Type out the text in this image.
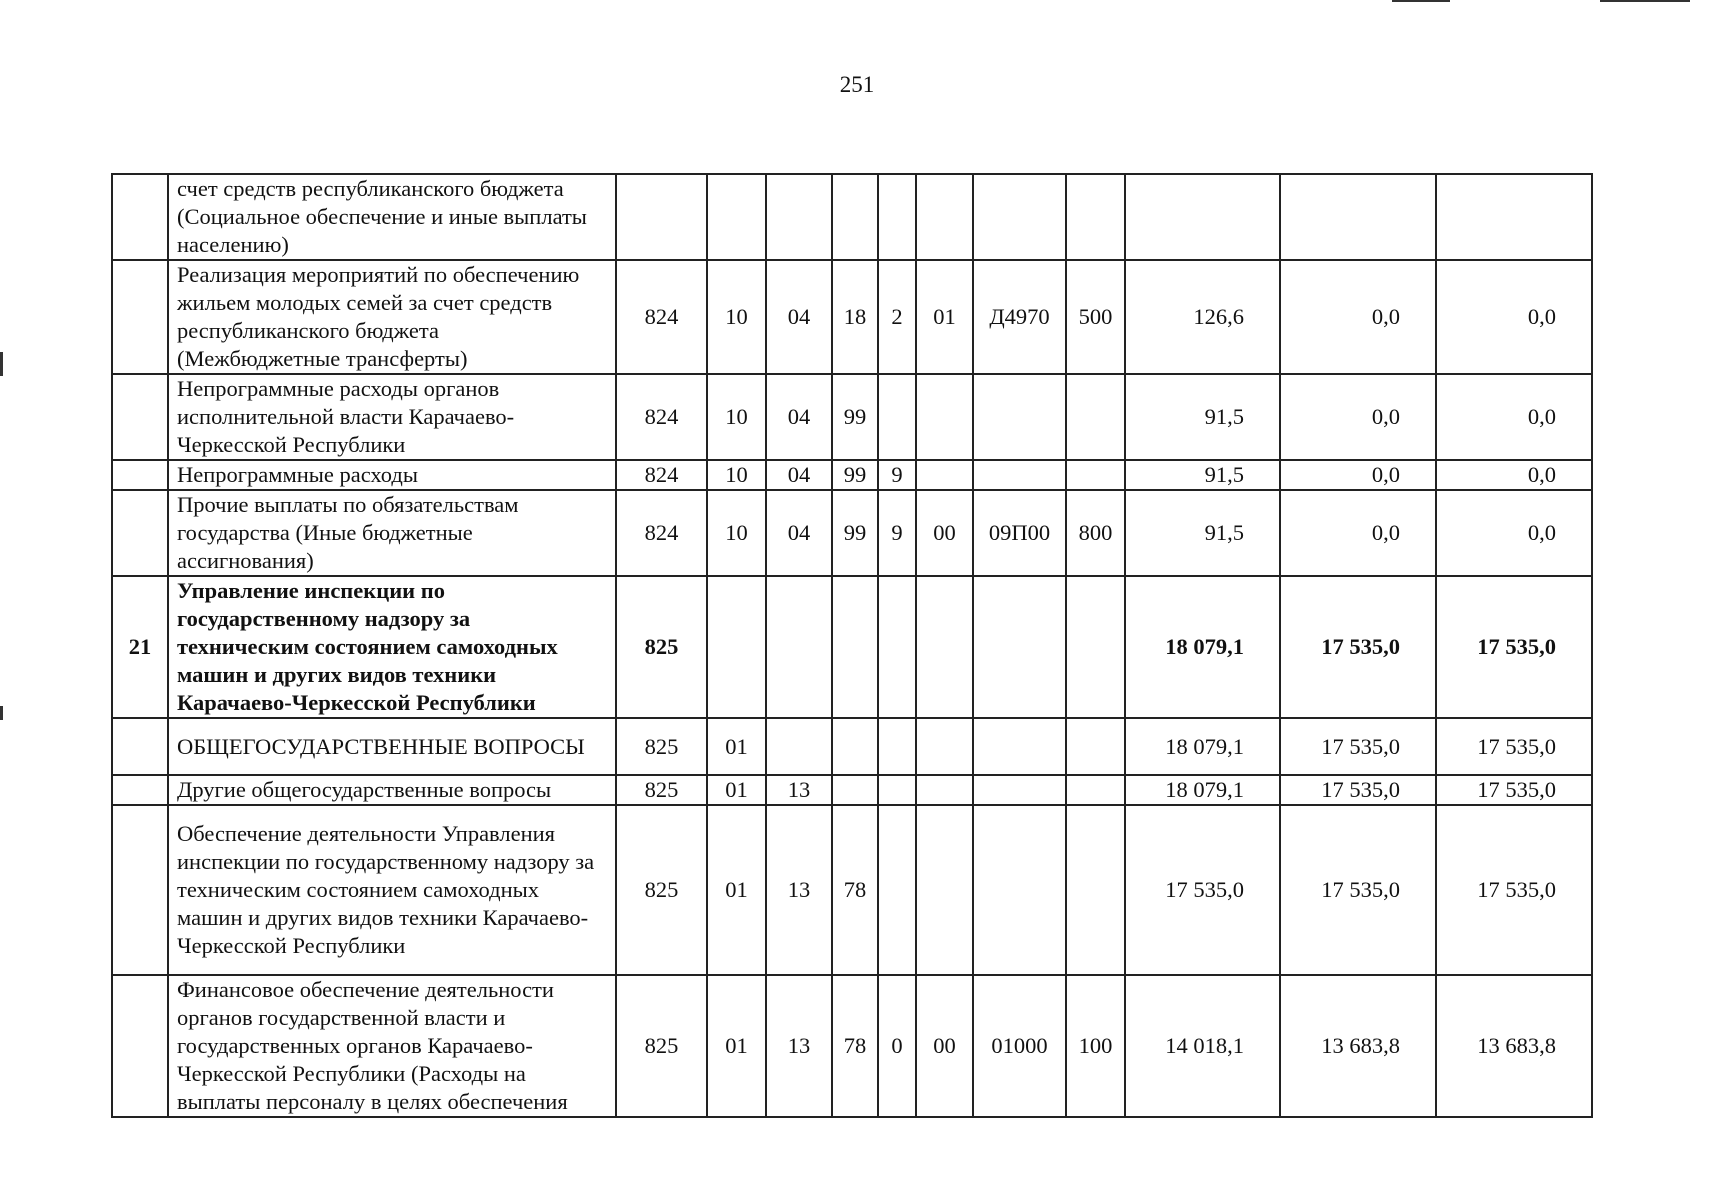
251
	счет средств республиканского бюджета (Социальное обеспечение и иные выплаты населению)											
	Реализация мероприятий по обеспечению жильем молодых семей за счет средств республиканского бюджета (Межбюджетные трансферты)	824	10	04	18	2	01	Д4970	500	126,6	0,0	0,0
	Непрограммные расходы органов исполнительной власти Карачаево-Черкесской Республики	824	10	04	99					91,5	0,0	0,0
	Непрограммные расходы	824	10	04	99	9				91,5	0,0	0,0
	Прочие выплаты по обязательствам государства (Иные бюджетные ассигнования)	824	10	04	99	9	00	09П00	800	91,5	0,0	0,0
21	Управление инспекции по государственному надзору за техническим состоянием самоходных машин и других видов техники Карачаево-Черкесской Республики	825								18 079,1	17 535,0	17 535,0
	ОБЩЕГОСУДАРСТВЕННЫЕ ВОПРОСЫ	825	01							18 079,1	17 535,0	17 535,0
	Другие общегосударственные вопросы	825	01	13						18 079,1	17 535,0	17 535,0
	Обеспечение деятельности Управления инспекции по государственному надзору за техническим состоянием самоходных машин и других видов техники Карачаево-Черкесской Республики	825	01	13	78					17 535,0	17 535,0	17 535,0
	Финансовое обеспечение деятельности органов государственной власти и государственных органов Карачаево-Черкесской Республики (Расходы на выплаты персоналу в целях обеспечения	825	01	13	78	0	00	01000	100	14 018,1	13 683,8	13 683,8
